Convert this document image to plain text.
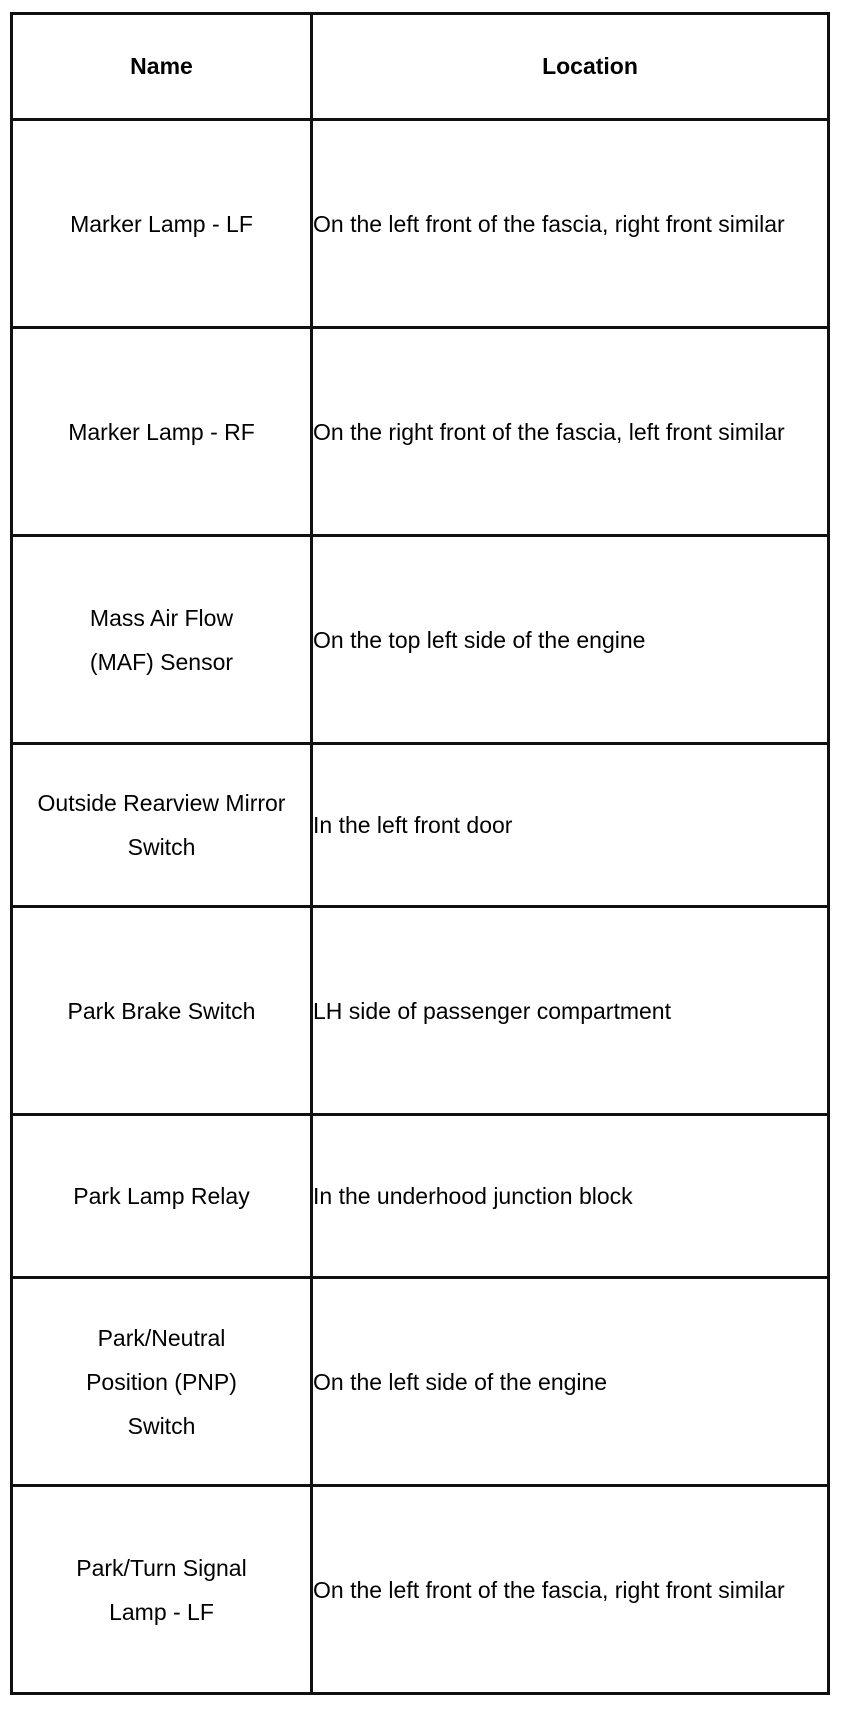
Name	Location
Marker Lamp - LF	On the left front of the fascia, right front similar
Marker Lamp - RF	On the right front of the fascia, left front similar
Mass Air Flow (MAF) Sensor	On the top left side of the engine
Outside Rearview Mirror Switch	In the left front door
Park Brake Switch	LH side of passenger compartment
Park Lamp Relay	In the underhood junction block
Park/Neutral Position (PNP) Switch	On the left side of the engine
Park/Turn Signal Lamp - LF	On the left front of the fascia, right front similar
